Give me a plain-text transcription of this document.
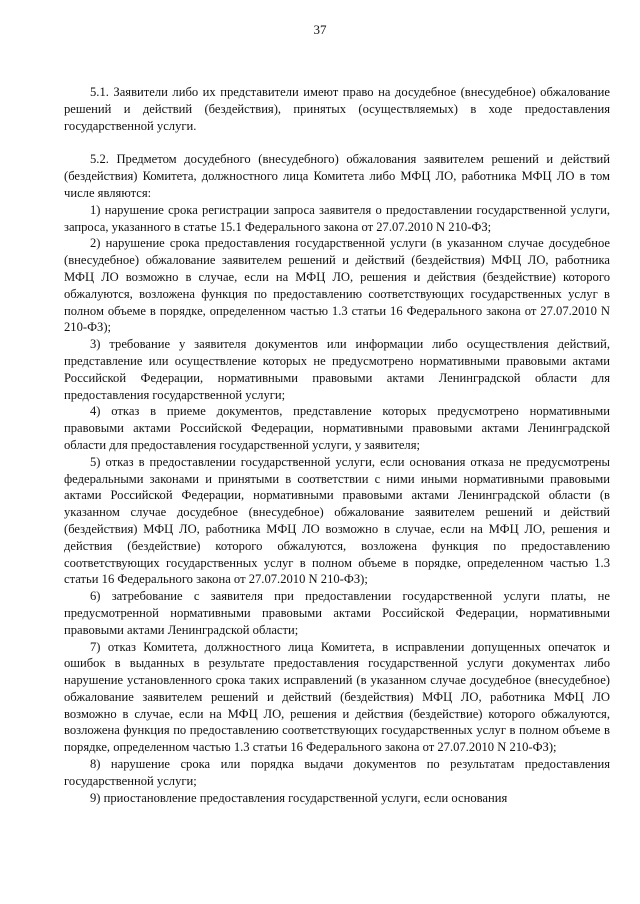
37

5.1. Заявители либо их представители имеют право на досудебное (внесудебное) обжалование решений и действий (бездействия), принятых (осуществляемых) в ходе предоставления государственной услуги.

5.2. Предметом досудебного (внесудебного) обжалования заявителем решений и действий (бездействия) Комитета, должностного лица Комитета либо МФЦ ЛО, работника МФЦ ЛО в том числе являются:

1) нарушение срока регистрации запроса заявителя о предоставлении государственной услуги, запроса, указанного в статье 15.1 Федерального закона от 27.07.2010 N 210-ФЗ;

2) нарушение срока предоставления государственной услуги (в указанном случае досудебное (внесудебное) обжалование заявителем решений и действий (бездействия) МФЦ ЛО, работника МФЦ ЛО возможно в случае, если на МФЦ ЛО, решения и действия (бездействие) которого обжалуются, возложена функция по предоставлению соответствующих государственных услуг в полном объеме в порядке, определенном частью 1.3 статьи 16 Федерального закона от 27.07.2010 N 210-ФЗ);

3) требование у заявителя документов или информации либо осуществления действий, представление или осуществление которых не предусмотрено нормативными правовыми актами Российской Федерации, нормативными правовыми актами Ленинградской области для предоставления государственной услуги;

4) отказ в приеме документов, представление которых предусмотрено нормативными правовыми актами Российской Федерации, нормативными правовыми актами Ленинградской области для предоставления государственной услуги, у заявителя;

5) отказ в предоставлении государственной услуги, если основания отказа не предусмотрены федеральными законами и принятыми в соответствии с ними иными нормативными правовыми актами Российской Федерации, нормативными правовыми актами Ленинградской области (в указанном случае досудебное (внесудебное) обжалование заявителем решений и действий (бездействия) МФЦ ЛО, работника МФЦ ЛО возможно в случае, если на МФЦ ЛО, решения и действия (бездействие) которого обжалуются, возложена функция по предоставлению соответствующих государственных услуг в полном объеме в порядке, определенном частью 1.3 статьи 16 Федерального закона от 27.07.2010 N 210-ФЗ);

6) затребование с заявителя при предоставлении государственной услуги платы, не предусмотренной нормативными правовыми актами Российской Федерации, нормативными правовыми актами Ленинградской области;

7) отказ Комитета, должностного лица Комитета, в исправлении допущенных опечаток и ошибок в выданных в результате предоставления государственной услуги документах либо нарушение установленного срока таких исправлений (в указанном случае досудебное (внесудебное) обжалование заявителем решений и действий (бездействия) МФЦ ЛО, работника МФЦ ЛО возможно в случае, если на МФЦ ЛО, решения и действия (бездействие) которого обжалуются, возложена функция по предоставлению соответствующих государственных услуг в полном объеме в порядке, определенном частью 1.3 статьи 16 Федерального закона от 27.07.2010 N 210-ФЗ);

8) нарушение срока или порядка выдачи документов по результатам предоставления государственной услуги;

9) приостановление предоставления государственной услуги, если основания
